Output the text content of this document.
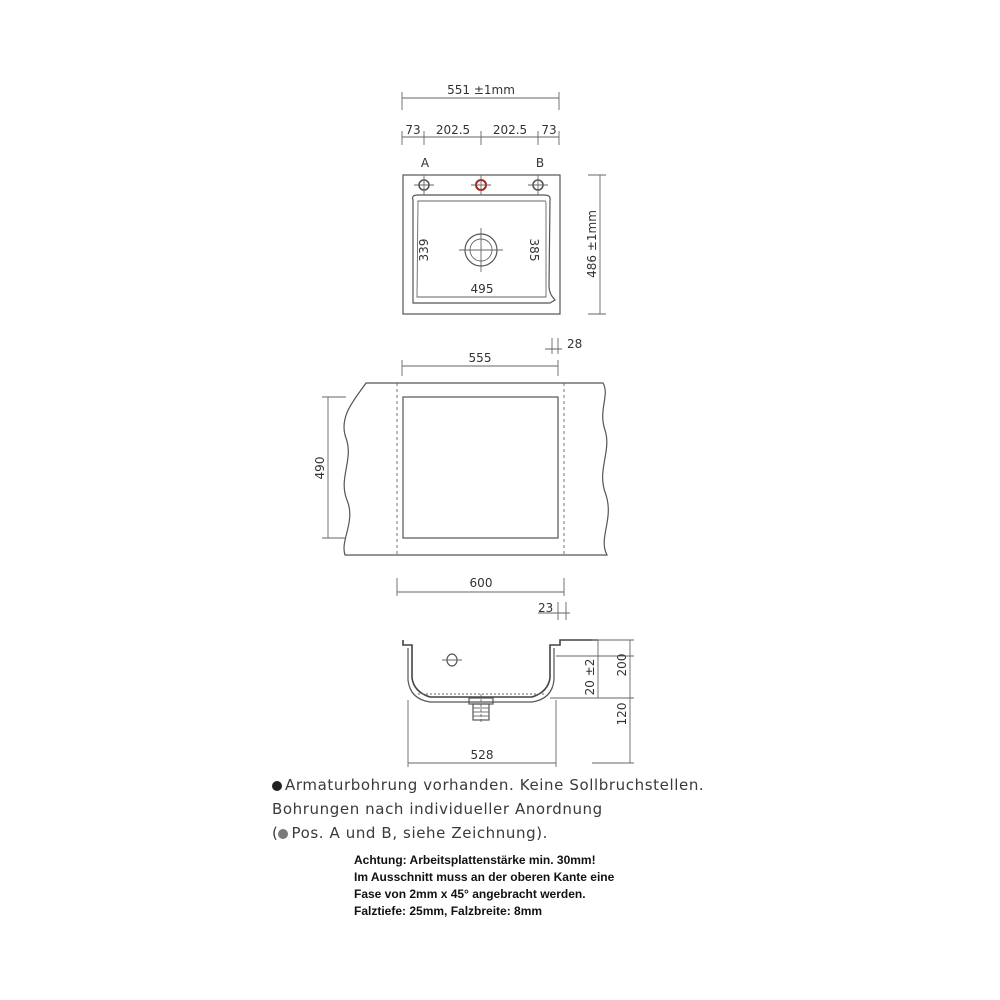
551 ±1mm
73 202.5 202.5 73
A	B
339	385
495
486 ±1mm
555
28
490
600
23
20 ±2 200
120
528
Armaturbohrung vorhanden. Keine Sollbruchstellen.
Bohrungen nach individueller Anordnung
( Pos. A und B, siehe Zeichnung).
Achtung: Arbeitsplattenstärke min. 30mm!
Im Ausschnitt muss an der oberen Kante eine
Fase von 2mm x 45° angebracht werden.
Falztiefe: 25mm, Falzbreite: 8mm
